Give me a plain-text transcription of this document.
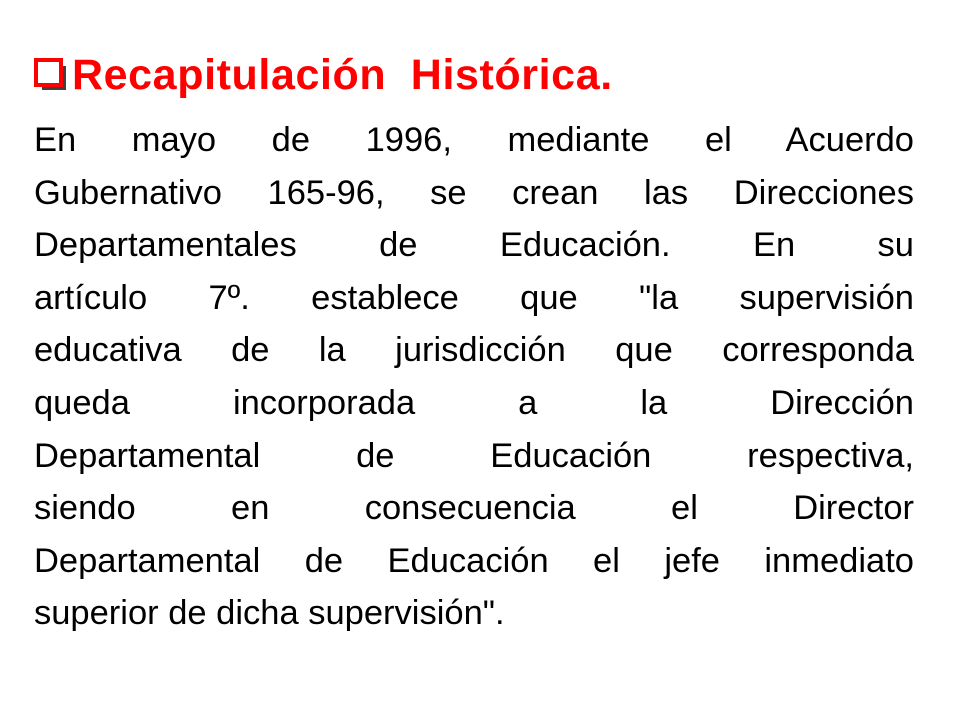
Recapitulación Histórica.
En mayo de 1996, mediante el Acuerdo
Gubernativo 165-96, se crean las Direcciones
Departamentales de Educación. En su
artículo 7º. establece que "la supervisión
educativa de la jurisdicción que corresponda
queda incorporada a la Dirección
Departamental de Educación respectiva,
siendo en consecuencia el Director
Departamental de Educación el jefe inmediato
superior de dicha supervisión".
